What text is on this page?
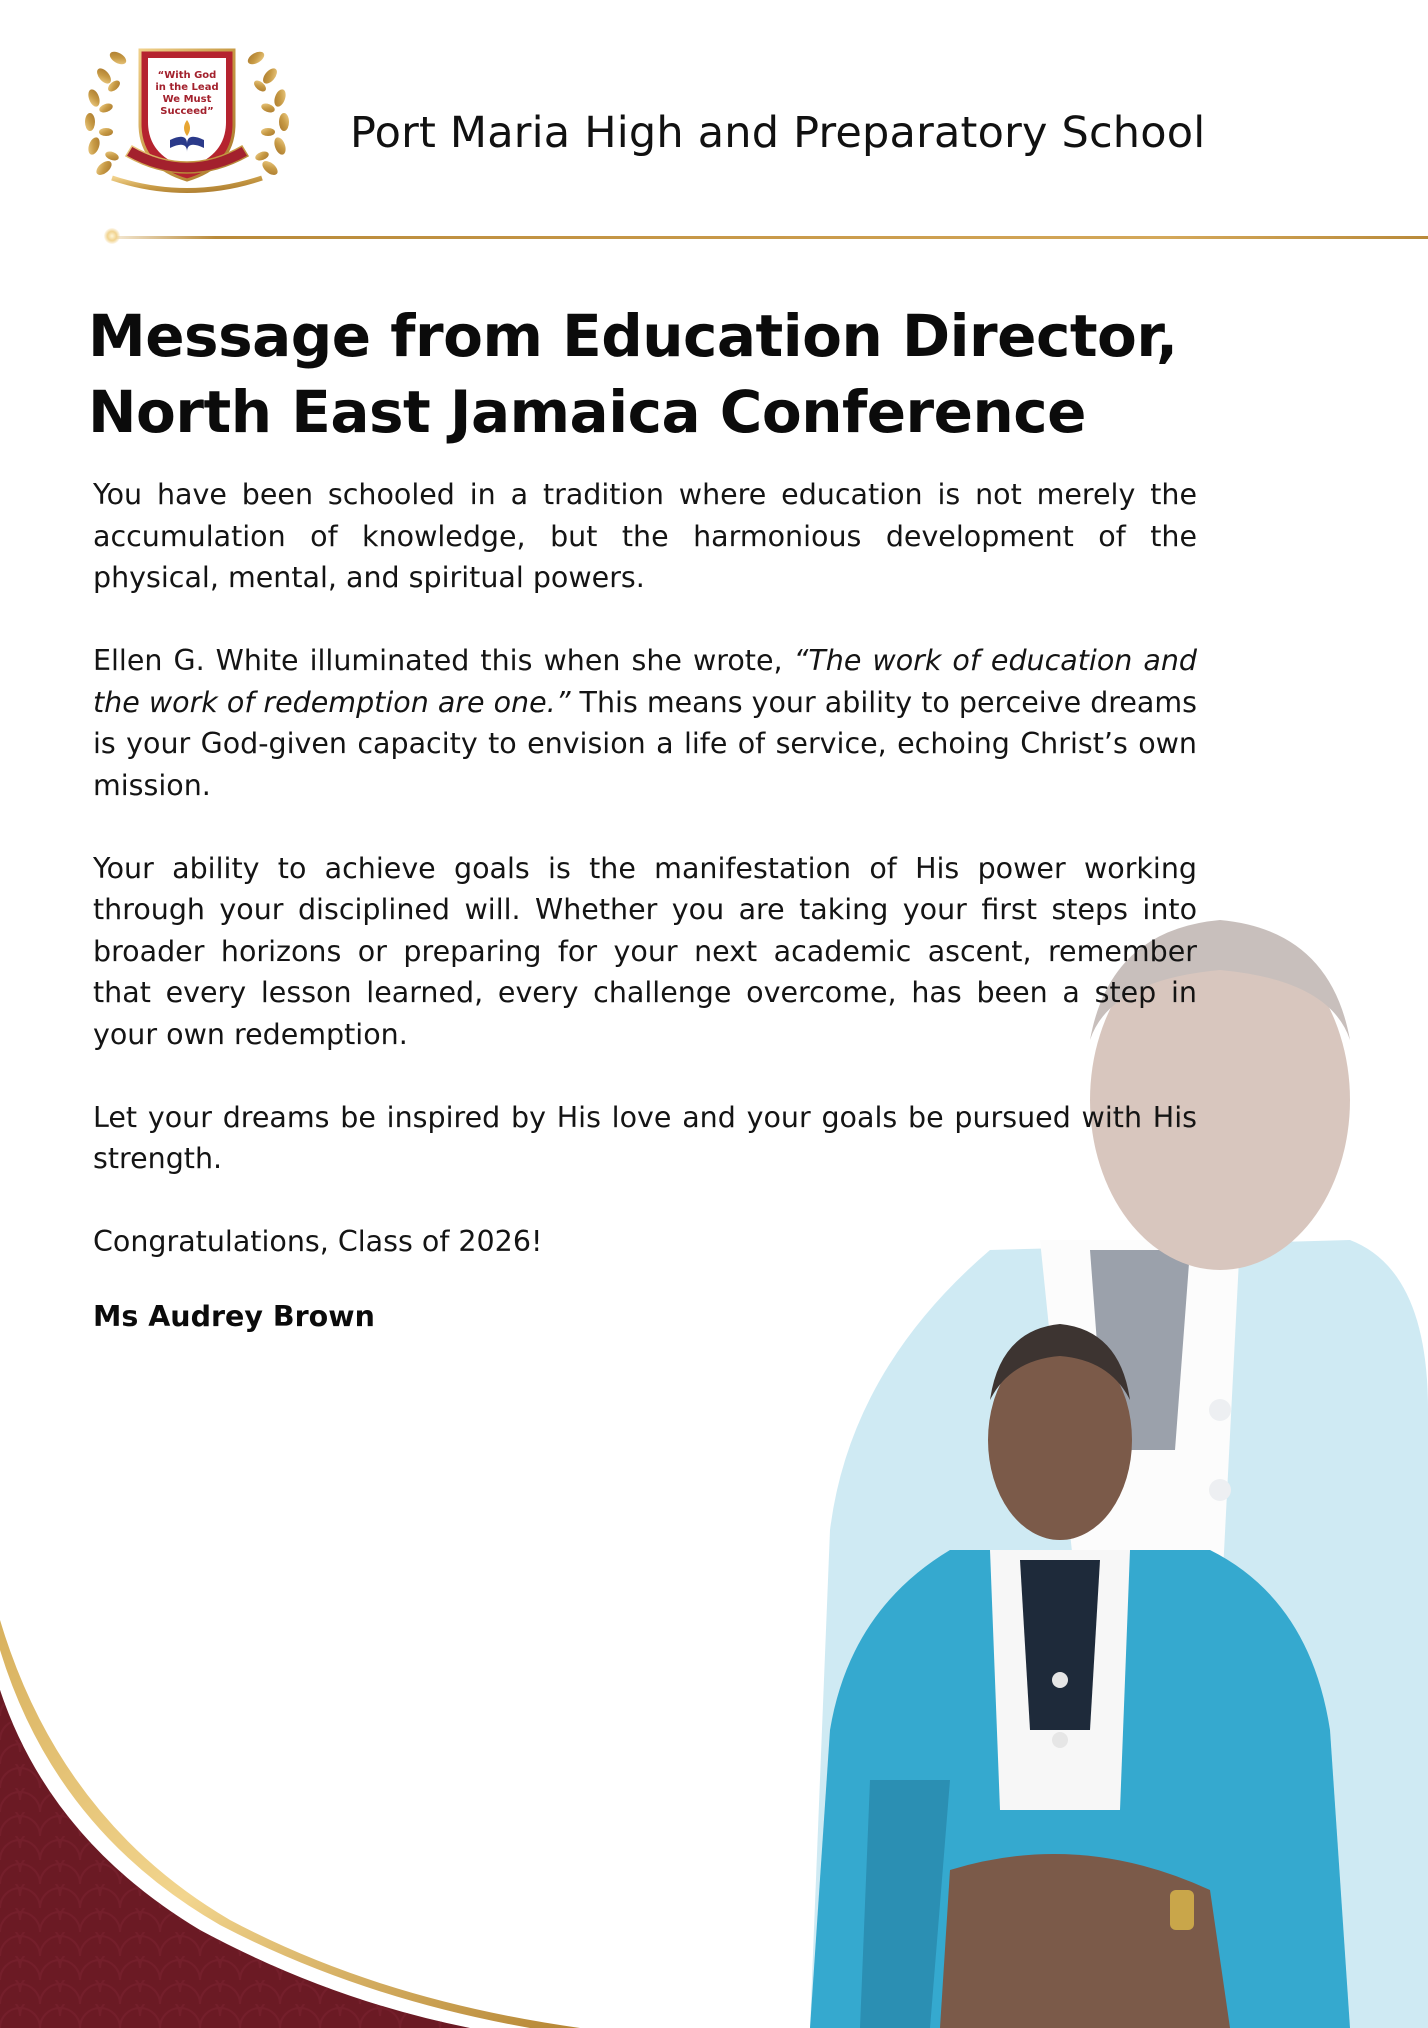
“With God
in the Lead
We Must
Succeed”	Port Maria High and Preparatory School
Message from Education Director,
North East Jamaica Conference

You have been schooled in a tradition where education is not merely the accumulation of knowledge, but the harmonious development of the physical, mental, and spiritual powers.

Ellen G. White illuminated this when she wrote, “The work of education and the work of redemption are one.” This means your ability to perceive dreams is your God-given capacity to envision a life of service, echoing Christ’s own mission.

Your ability to achieve goals is the manifestation of His power working through your disciplined will. Whether you are taking your first steps into broader horizons or preparing for your next academic ascent, remember that every lesson learned, every challenge overcome, has been a step in your own redemption.

Let your dreams be inspired by His love and your goals be pursued with His strength.

Congratulations, Class of 2026!

Ms Audrey Brown
